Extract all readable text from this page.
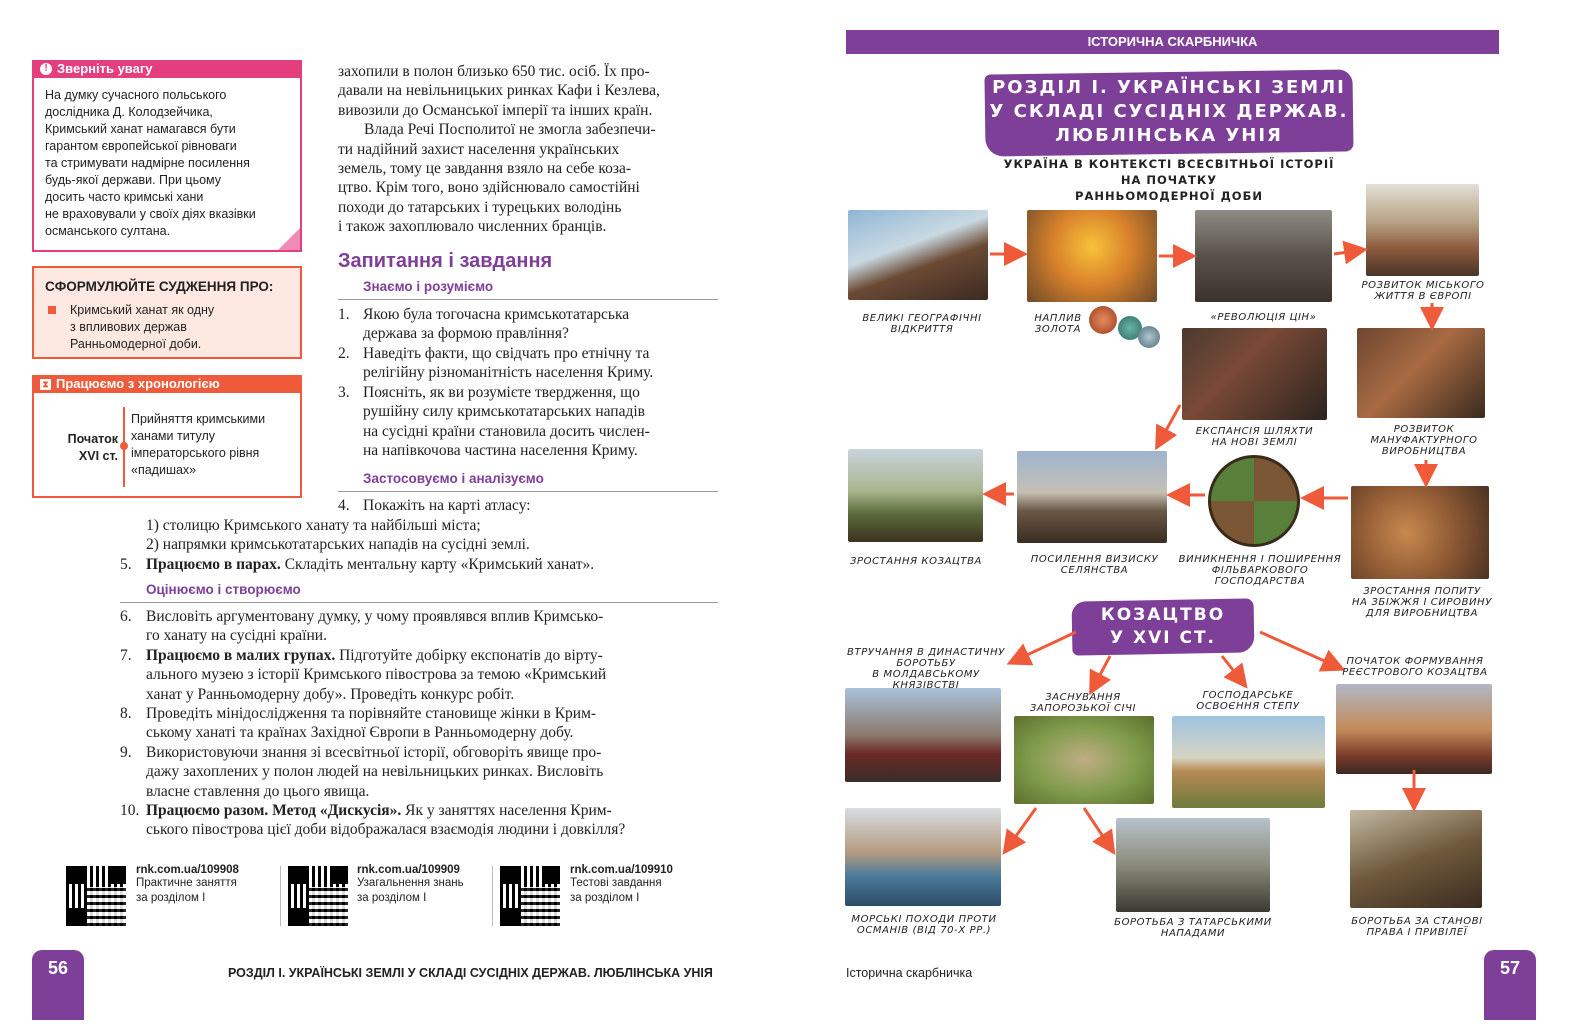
! Зверніть увагу
На думку сучасного польського
дослідника Д. Колодзейчика,
Кримський ханат намагався бути
гарантом європейської рівноваги
та стримувати надмірне посилення
будь-якої держави. При цьому
досить часто кримські хани
не враховували у своїх діях вказівки
османського султана.
СФОРМУЛЮЙТЕ СУДЖЕННЯ ПРО:
Кримський ханат як одну
з впливових держав
Ранньомодерної доби.
⧗ Працюємо з хронологією
Початок
XVI ст.
Прийняття кримськими
ханами титулу
імператорського рівня
«падишах»
захопили в полон близько 650 тис. осіб. Їх про-
давали на невільницьких ринках Кафи і Кезлева,
вивозили до Османської імперії та інших країн.
Влада Речі Посполитої не змогла забезпечи-
ти надійний захист населення українських
земель, тому це завдання взяло на себе коза-
цтво. Крім того, воно здійснювало самостійні
походи до татарських і турецьких володінь
і також захоплювало численних бранців.
Запитання і завдання
Знаємо і розуміємо
1. Якою була тогочасна кримськотатарська
держава за формою правління?
2. Наведіть факти, що свідчать про етнічну та
релігійну різноманітність населення Криму.
3. Поясніть, як ви розумієте твердження, що
рушійну силу кримськотатарських нападів
на сусідні країни становила досить числен-
на напівкочова частина населення Криму.
Застосовуємо і аналізуємо
4. Покажіть на карті атласу:
1) столицю Кримського ханату та найбільші міста;
2) напрямки кримськотатарських нападів на сусідні землі.
5. Працюємо в парах. Складіть ментальну карту «Кримський ханат».
Оцінюємо і створюємо
6. Висловіть аргументовану думку, у чому проявлявся вплив Кримсько-
го ханату на сусідні країни.
7. Працюємо в малих групах. Підготуйте добірку експонатів до вірту-
ального музею з історії Кримського півострова за темою «Кримський
ханат у Ранньомодерну добу». Проведіть конкурс робіт.
8. Проведіть мінідослідження та порівняйте становище жінки в Крим-
ському ханаті та країнах Західної Європи в Ранньомодерну добу.
9. Використовуючи знання зі всесвітньої історії, обговоріть явище про-
дажу захоплених у полон людей на невільницьких ринках. Висловіть
власне ставлення до цього явища.
10. Працюємо разом. Метод «Дискусія». Як у заняттях населення Крим-
ського півострова цієї доби відображалася взаємодія людини і довкілля?
rnk.com.ua/109908
Практичне заняття
за розділом І
rnk.com.ua/109909
Узагальнення знань
за розділом І
rnk.com.ua/109910
Тестові завдання
за розділом І
56	РОЗДІЛ І. УКРАЇНСЬКІ ЗЕМЛІ У СКЛАДІ СУСІДНІХ ДЕРЖАВ. ЛЮБЛІНСЬКА УНІЯ
ІСТОРИЧНА СКАРБНИЧКА
РОЗДІЛ І. УКРАЇНСЬКІ ЗЕМЛІ
У СКЛАДІ СУСІДНІХ ДЕРЖАВ.
ЛЮБЛІНСЬКА УНІЯ
УКРАЇНА В КОНТЕКСТІ ВСЕСВІТНЬОЇ ІСТОРІЇ
НА ПОЧАТКУ
РАННЬОМОДЕРНОЇ ДОБИ
КОЗАЦТВО
У XVI СТ.
ВЕЛИКІ ГЕОГРАФІЧНІ
ВІДКРИТТЯ
НАПЛИВ
ЗОЛОТА
«РЕВОЛЮЦІЯ ЦІН»
РОЗВИТОК МІСЬКОГО
ЖИТТЯ В ЄВРОПІ
ЕКСПАНСІЯ ШЛЯХТИ
НА НОВІ ЗЕМЛІ
РОЗВИТОК
МАНУФАКТУРНОГО
ВИРОБНИЦТВА
ЗРОСТАННЯ КОЗАЦТВА	ПОСИЛЕННЯ ВИЗИСКУ
СЕЛЯНСТВА
ВИНИКНЕННЯ І ПОШИРЕННЯ
ФІЛЬВАРКОВОГО
ГОСПОДАРСТВА
ЗРОСТАННЯ ПОПИТУ
НА ЗБІЖЖЯ І СИРОВИНУ
ДЛЯ ВИРОБНИЦТВА
ВТРУЧАННЯ В ДИНАСТИЧНУ
БОРОТЬБУ
В МОЛДАВСЬКОМУ КНЯЗІВСТВІ
ЗАСНУВАННЯ
ЗАПОРОЗЬКОЇ СІЧІ
ГОСПОДАРСЬКЕ
ОСВОЄННЯ СТЕПУ
ПОЧАТОК ФОРМУВАННЯ
РЕЄСТРОВОГО КОЗАЦТВА
МОРСЬКІ ПОХОДИ ПРОТИ
ОСМАНІВ (ВІД 70-Х РР.)
БОРОТЬБА З ТАТАРСЬКИМИ
НАПАДАМИ
БОРОТЬБА ЗА СТАНОВІ
ПРАВА І ПРИВІЛЕЇ
Історична скарбничка	57
